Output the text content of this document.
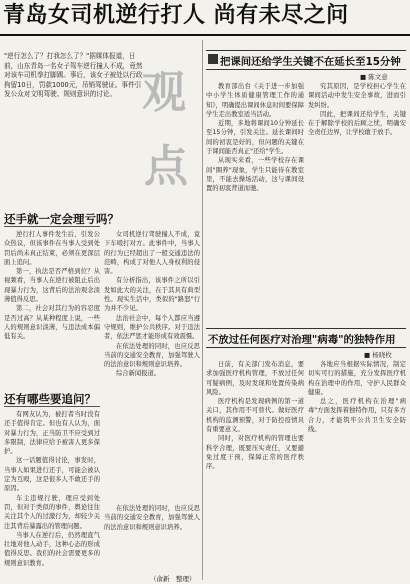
青岛女司机逆行打人 尚有未尽之问
观
点
"逆行怎么了？打我怎么了？"据媒体报道，日前，山东青岛一名女子驾车逆行撞人不成，竟然对该车司机拳打脚踢。事后，该女子被处以行政拘留10日，罚款1000元，吊销驾驶证。事件引发公众对文明驾驶、规则意识的讨论。
还手就一定会理亏吗？

逆行打人事件发生后，引发公众热议，但该事件在当事人受到处罚后尚未真正结束，必须在更深层面上追问。

第一，执法是否严格到位？从视频看，当事人在逆行被阻止后出现暴力行为，这背后的法治观念淡薄值得反思。

第二，社会对其行为的容忍度是否过高？从某种程度上说，一些人的规则意识淡薄，与违法成本偏低有关。

女司机逆行驾驶撞人不成，竟下车殴打对方。此事件中，当事人的行为已经超出了一般交通违法的范畴，构成了对他人人身权利的侵害。

有分析指出，该事件之所以引发如此大的关注，在于其具有典型性。现实生活中，类似的"路怒"行为并不少见。

法治社会中，每个人都应当遵守规则，维护公共秩序。对于违法者，依法严惩才能形成有效震慑。

在依法处理的同时，也应反思当前的交通安全教育，加强驾驶人的法治意识和规则意识培养。

综合新闻报道。

还有哪些要追问？

有网友认为，被打者当时没有还手值得肯定。但也有人认为，面对暴力行为，正当防卫不应受到过多限制，法律应给予被害人更多保护。

这一话题值得讨论，事发时，当事人如果进行还手，可能会被认定为互殴，这是很多人不敢还手的原因。

车主违规行驶，理应受到处罚，但对于类似的事件，舆论往往关注其个人的过激行为，却较少关注其背后暴露出的管理问题。

当事人在逆行后，仍然理直气壮地对他人动手，这种心态的形成值得反思。我们的社会需要更多的规则意识教育。

在依法处理的同时，也应反思当前的交通安全教育，加强驾驶人的法治意识和规则意识培养。

（俞新　整理）
把课间还给学生关键不在延长至15分钟
■ 陈文意

教育部出台《关于进一步加强中小学生体质健康管理工作的通知》，明确提出课间休息时间要保障学生走出教室适当活动。

近期，多地将课间10分钟延长至15分钟，引发关注。延长课间时间的初衷是好的，但问题的关键在于课间能否真正"还给"学生。

从现实来看，一些学校存在课间"圈养"现象，学生只能待在教室里，不能去操场活动，这与课间设置的初衷背道而驰。

究其原因，是学校担心学生在课间活动中发生安全事故，进而引发纠纷。

因此，把课间还给学生，关键在于解除学校的后顾之忧，明确安全责任边界，让学校敢于放手。

不放过任何医疗对治理"病毒"的独特作用
■ 杨晓枚

日前，有关部门发布消息，要求加强医疗机构管理，不放过任何可疑病例，及时发现和处置传染病风险。

医疗机构是发现病例的第一道关口，其作用不可替代。做好医疗机构的监测预警，对于防控疫情具有重要意义。

同时，对医疗机构的管理也要科学合理，既要压实责任，又要避免过度干预，保障正常的医疗秩序。

各地应当根据实际情况，制定切实可行的措施，充分发挥医疗机构在治理中的作用，守护人民群众健康。

总之，医疗机构在治理"病毒"方面发挥着独特作用，只有多方合力，才能筑牢公共卫生安全防线。
